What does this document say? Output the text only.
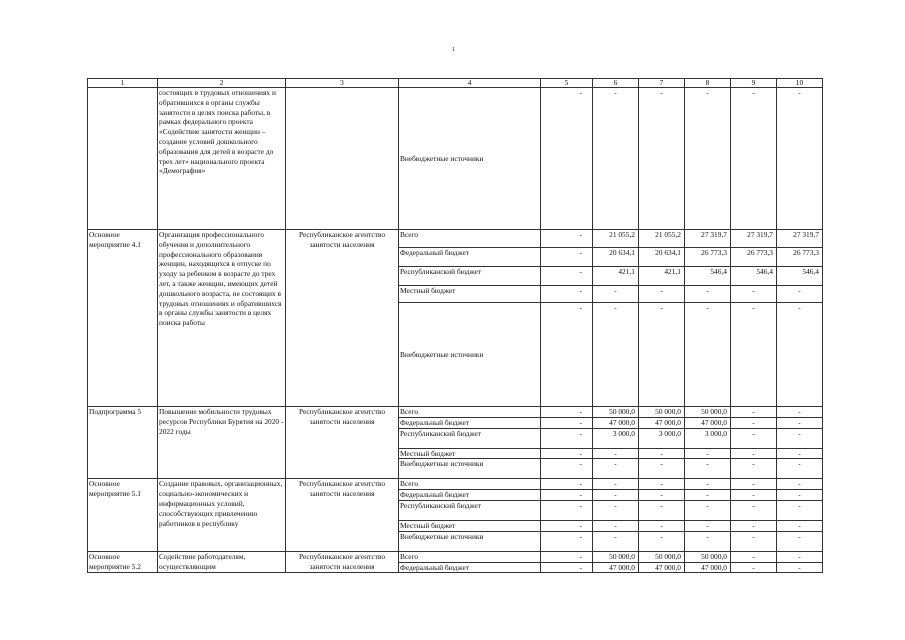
1
1	2	3	4	5	6	7	8	9	10
	состоящих в трудовых отношениях и обратившихся в органы службы занятости в целях поиска работы, в рамках федерального проекта «Содействие занятости женщин – создание условий дошкольного образования для детей в возрасте до трех лет» национального проекта «Демография»		Внебюджетные источники	-	-	-	-	-	-
Основное мероприятие 4.1	Организация профессионального обучения и дополнительного профессионального образования женщин, находящихся в отпуске по уходу за ребенком в возрасте до трех лет, а также женщин, имеющих детей дошкольного возраста, не состоящих в трудовых отношениях и обратившихся в органы службы занятости в целях поиска работы	Республиканское агентство занятости населения	Всего	-	21 055,2	21 055,2	27 319,7	27 319,7	27 319,7
			Федеральный бюджет	-	20 634,1	20 634,1	26 773,3	26 773,3	26 773,3
			Республиканский бюджет	-	421,1	421,1	546,4	546,4	546,4
			Местный бюджет	-	-	-	-	-	-
			Внебюджетные источники	-	-	-	-	-	-
Подпрограмма 5	Повышение мобильности трудовых ресурсов Республики Бурятия на 2020 - 2022 годы	Республиканское агентство занятости населения	Всего	-	50 000,0	50 000,0	50 000,0	-	-
			Федеральный бюджет	-	47 000,0	47 000,0	47 000,0	-	-
			Республиканский бюджет	-	3 000,0	3 000,0	3 000,0	-	-
			Местный бюджет	-	-	-	-	-	-
			Внебюджетные источники	-	-	-	-	-	-
Основное мероприятие 5.1	Создание правовых, организационных, социально-экономических и информационных условий, способствующих привлечению работников в республику	Республиканское агентство занятости населения	Всего	-	-	-	-	-	-
			Федеральный бюджет	-	-	-	-	-	-
			Республиканский бюджет	-	-	-	-	-	-
			Местный бюджет	-	-	-	-	-	-
			Внебюджетные источники	-	-	-	-	-	-
Основное мероприятие 5.2	Содействие работодателям, осуществляющим	Республиканское агентство занятости населения	Всего	-	50 000,0	50 000,0	50 000,0	-	-
			Федеральный бюджет	-	47 000,0	47 000,0	47 000,0	-	-
